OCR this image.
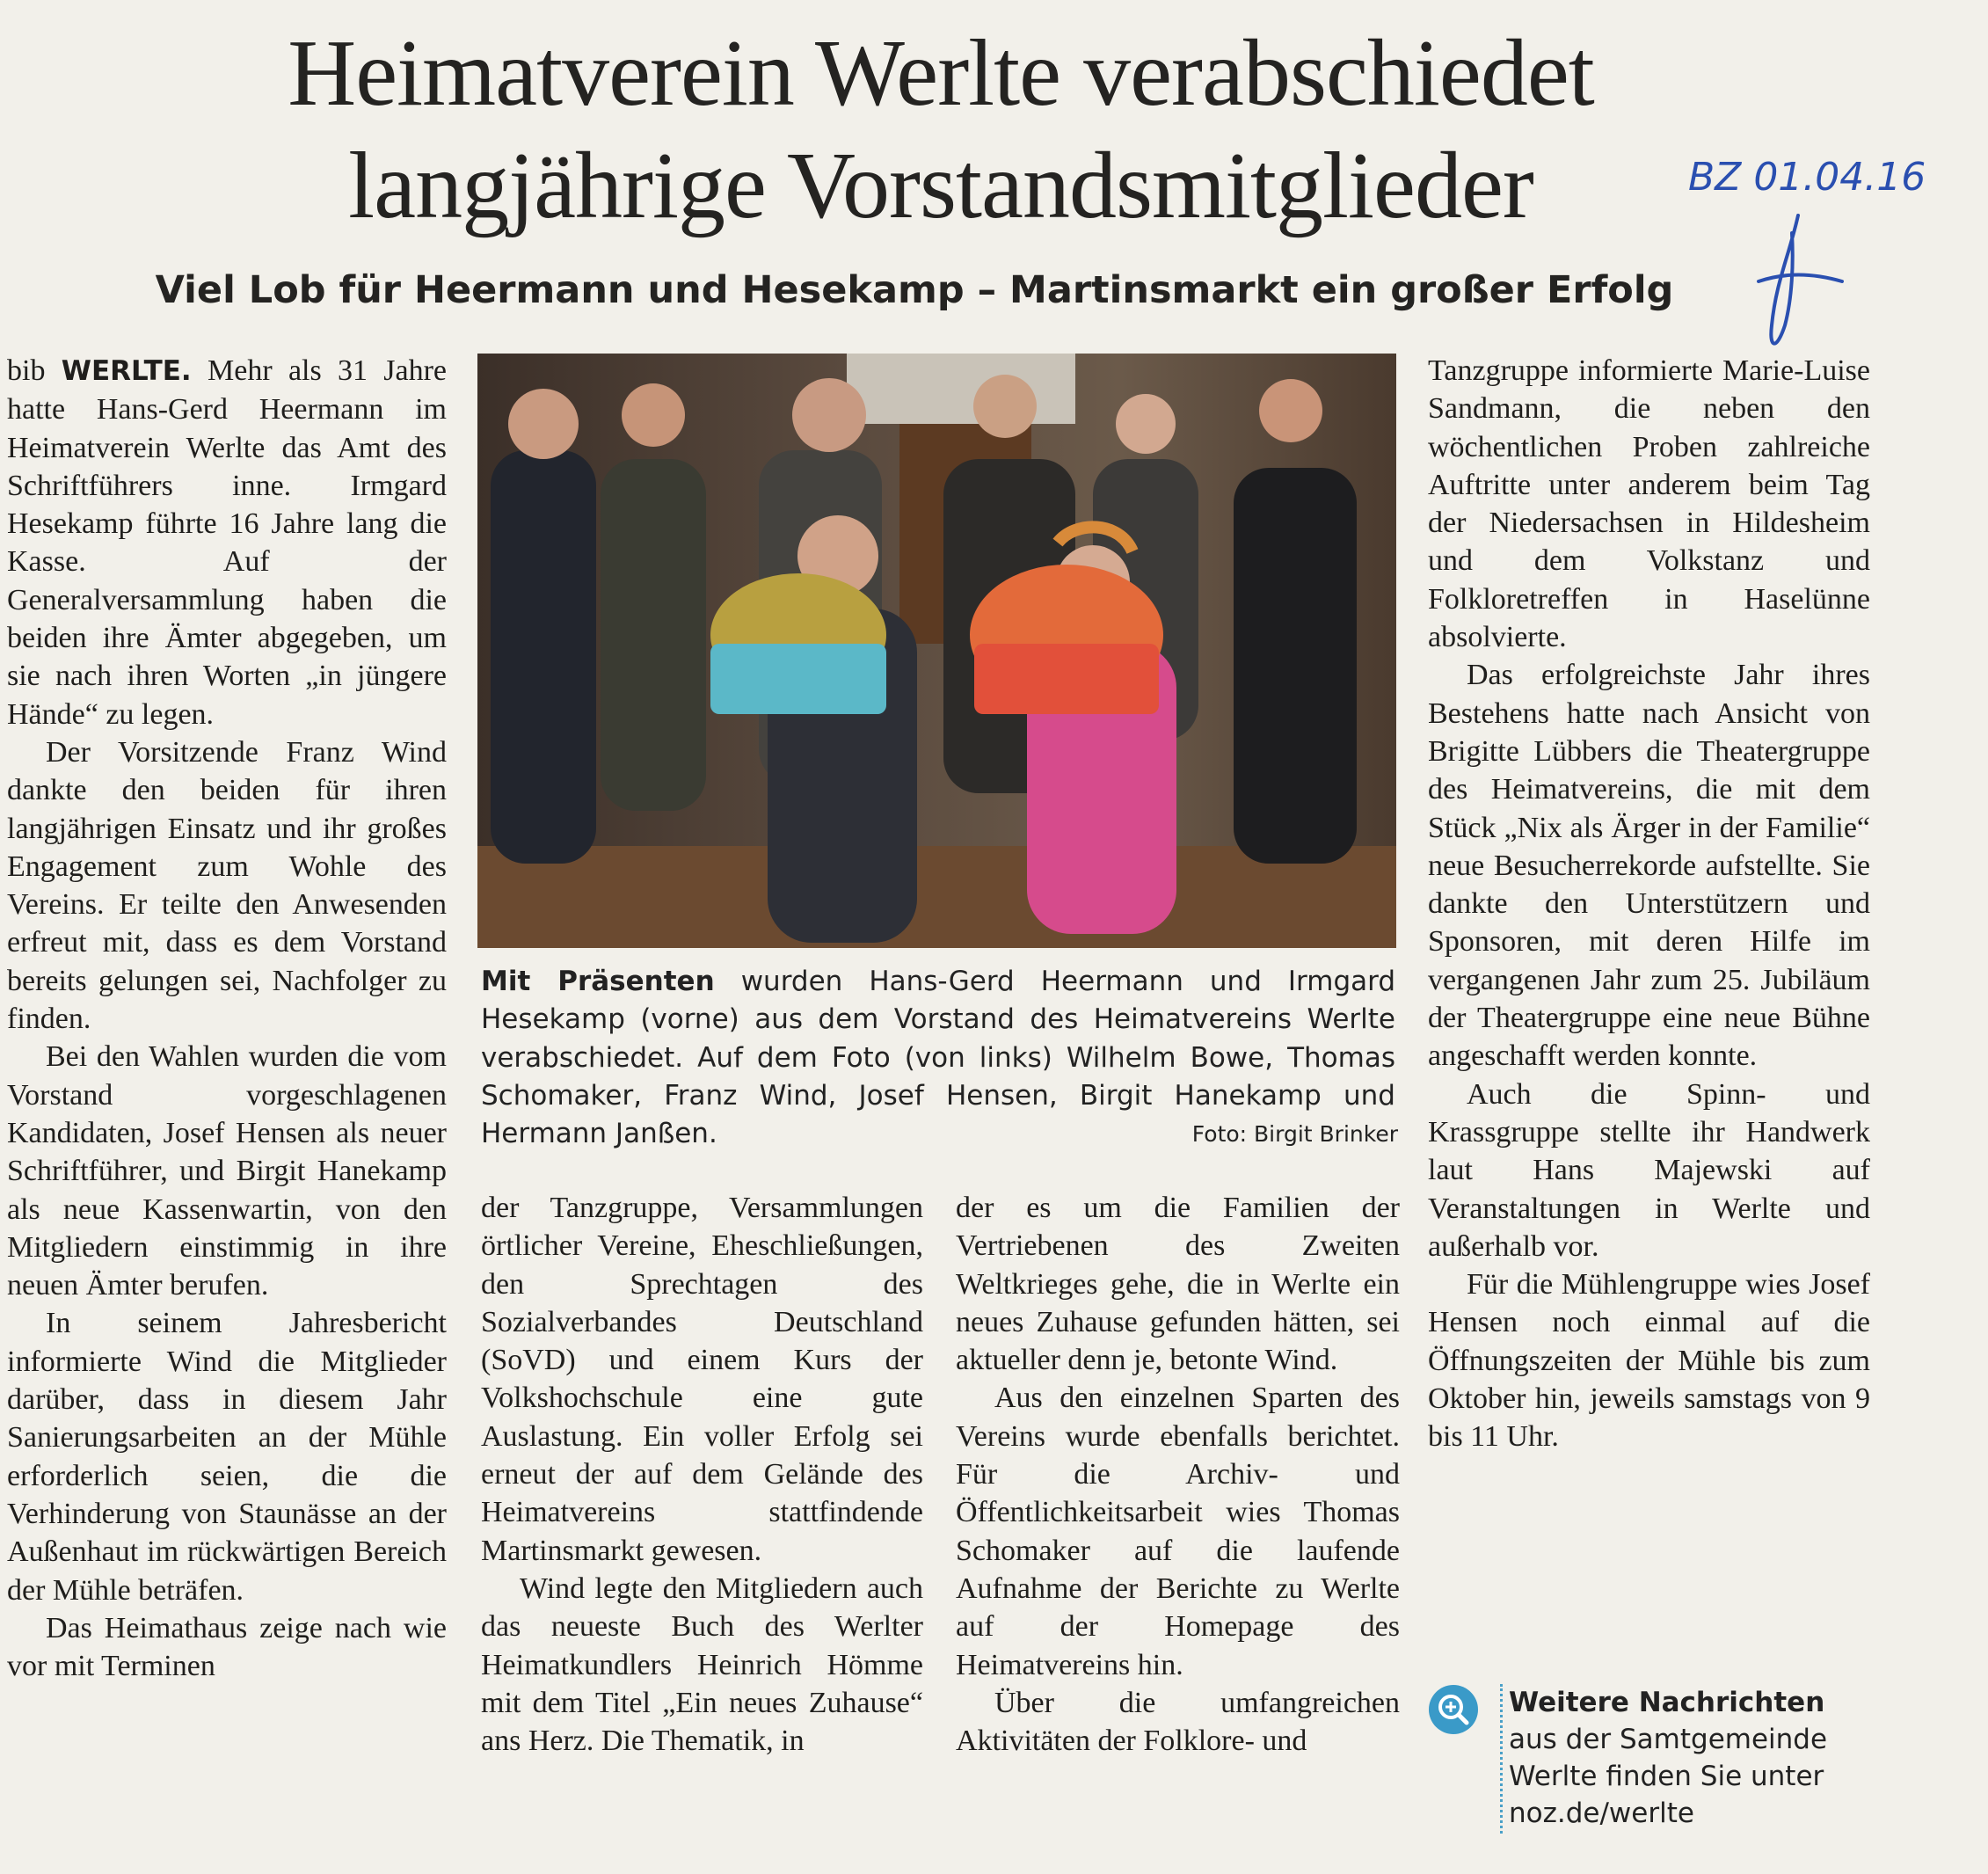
Heimatverein Werlte verabschiedet
langjährige Vorstandsmitglieder	BZ 01.04.16
Viel Lob für Heermann und Hesekamp – Martinsmarkt ein großer Erfolg

bib WERLTE. Mehr als 31 Jahre hatte Hans-Gerd Heermann im Heimatverein Werlte das Amt des Schriftführers inne. Irmgard Hesekamp führte 16 Jahre lang die Kasse. Auf der Generalversammlung haben die beiden ihre Ämter abgegeben, um sie nach ihren Worten „in jüngere Hände“ zu legen.

Der Vorsitzende Franz Wind dankte den beiden für ihren langjährigen Einsatz und ihr großes Engagement zum Wohle des Vereins. Er teilte den Anwesenden erfreut mit, dass es dem Vorstand bereits gelungen sei, Nachfolger zu finden.

Bei den Wahlen wurden die vom Vorstand vorgeschlagenen Kandidaten, Josef Hensen als neuer Schriftführer, und Birgit Hanekamp als neue Kassenwartin, von den Mitgliedern einstimmig in ihre neuen Ämter berufen.

In seinem Jahresbericht informierte Wind die Mitglieder darüber, dass in diesem Jahr Sanierungsarbeiten an der Mühle erforderlich seien, die die Verhinderung von Staunässe an der Außenhaut im rückwärtigen Bereich der Mühle beträfen.

Das Heimathaus zeige nach wie vor mit Terminen

Mit Präsenten wurden Hans-Gerd Heermann und Irmgard Hesekamp (vorne) aus dem Vorstand des Heimatvereins Werlte verabschiedet. Auf dem Foto (von links) Wilhelm Bowe, Thomas Schomaker, Franz Wind, Josef Hensen, Birgit Hanekamp und Hermann Janßen.	Foto: Birgit Brinker

der Tanzgruppe, Versammlungen örtlicher Vereine, Eheschließungen, den Sprechtagen des Sozialverbandes Deutschland (SoVD) und einem Kurs der Volkshochschule eine gute Auslastung. Ein voller Erfolg sei erneut der auf dem Gelände des Heimatvereins stattfindende Martinsmarkt gewesen.

Wind legte den Mitgliedern auch das neueste Buch des Werlter Heimatkundlers Heinrich Hömme mit dem Titel „Ein neues Zuhause“ ans Herz. Die Thematik, in

der es um die Familien der Vertriebenen des Zweiten Weltkrieges gehe, die in Werlte ein neues Zuhause gefunden hätten, sei aktueller denn je, betonte Wind.

Aus den einzelnen Sparten des Vereins wurde ebenfalls berichtet. Für die Archiv- und Öffentlichkeitsarbeit wies Thomas Schomaker auf die laufende Aufnahme der Berichte zu Werlte auf der Homepage des Heimatvereins hin.

Über die umfangreichen Aktivitäten der Folklore- und

Tanzgruppe informierte Marie-Luise Sandmann, die neben den wöchentlichen Proben zahlreiche Auftritte unter anderem beim Tag der Niedersachsen in Hildesheim und dem Volkstanz und Folkloretreffen in Haselünne absolvierte.

Das erfolgreichste Jahr ihres Bestehens hatte nach Ansicht von Brigitte Lübbers die Theatergruppe des Heimatvereins, die mit dem Stück „Nix als Ärger in der Familie“ neue Besucherrekorde aufstellte. Sie dankte den Unterstützern und Sponsoren, mit deren Hilfe im vergangenen Jahr zum 25. Jubiläum der Theatergruppe eine neue Bühne angeschafft werden konnte.

Auch die Spinn- und Krassgruppe stellte ihr Handwerk laut Hans Majewski auf Veranstaltungen in Werlte und außerhalb vor.

Für die Mühlengruppe wies Josef Hensen noch einmal auf die Öffnungszeiten der Mühle bis zum Oktober hin, jeweils samstags von 9 bis 11 Uhr.

Weitere Nachrichten
aus der Samtgemeinde Werlte finden Sie unter noz.de/werlte
